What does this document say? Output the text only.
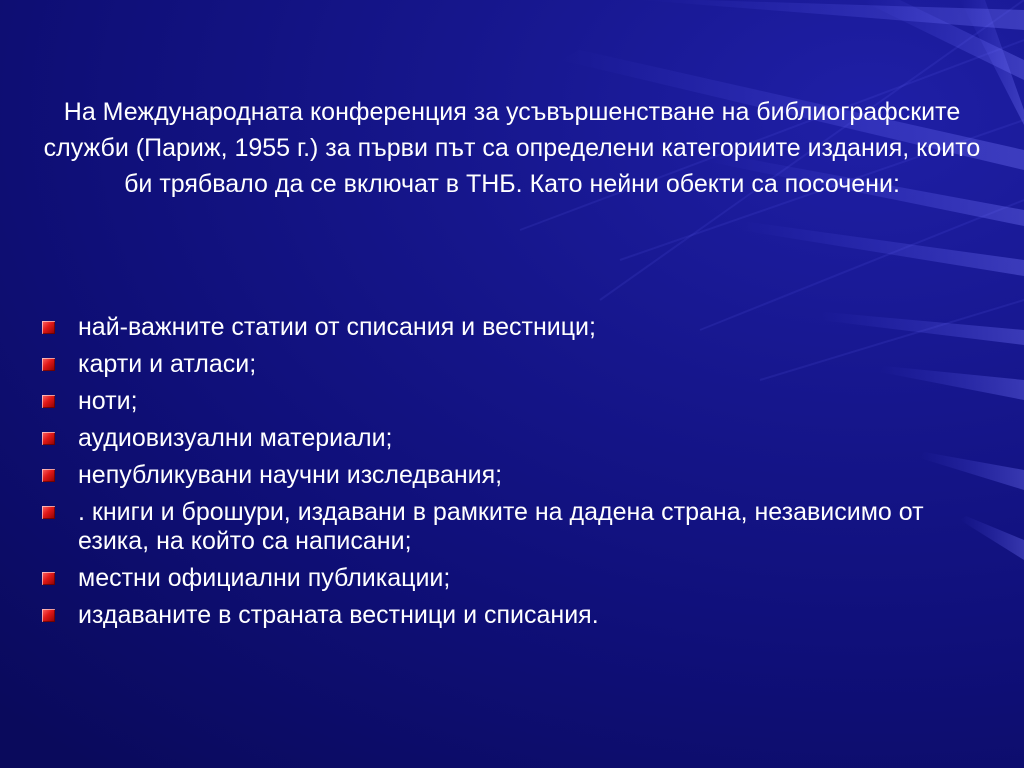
На Международната конференция за усъвършенстване на библиографските служби (Париж, 1955 г.) за първи път са определени категориите издания, които би трябвало да се включат в ТНБ. Като нейни обекти са посочени:
най-важните статии от списания и вестници;
карти и атласи;
ноти;
аудиовизуални материали;
непубликувани научни изследвания;
. книги и брошури, издавани в рамките на дадена страна, независимо от езика, на който са написани;
местни официални публикации;
издаваните в страната вестници и списания.
